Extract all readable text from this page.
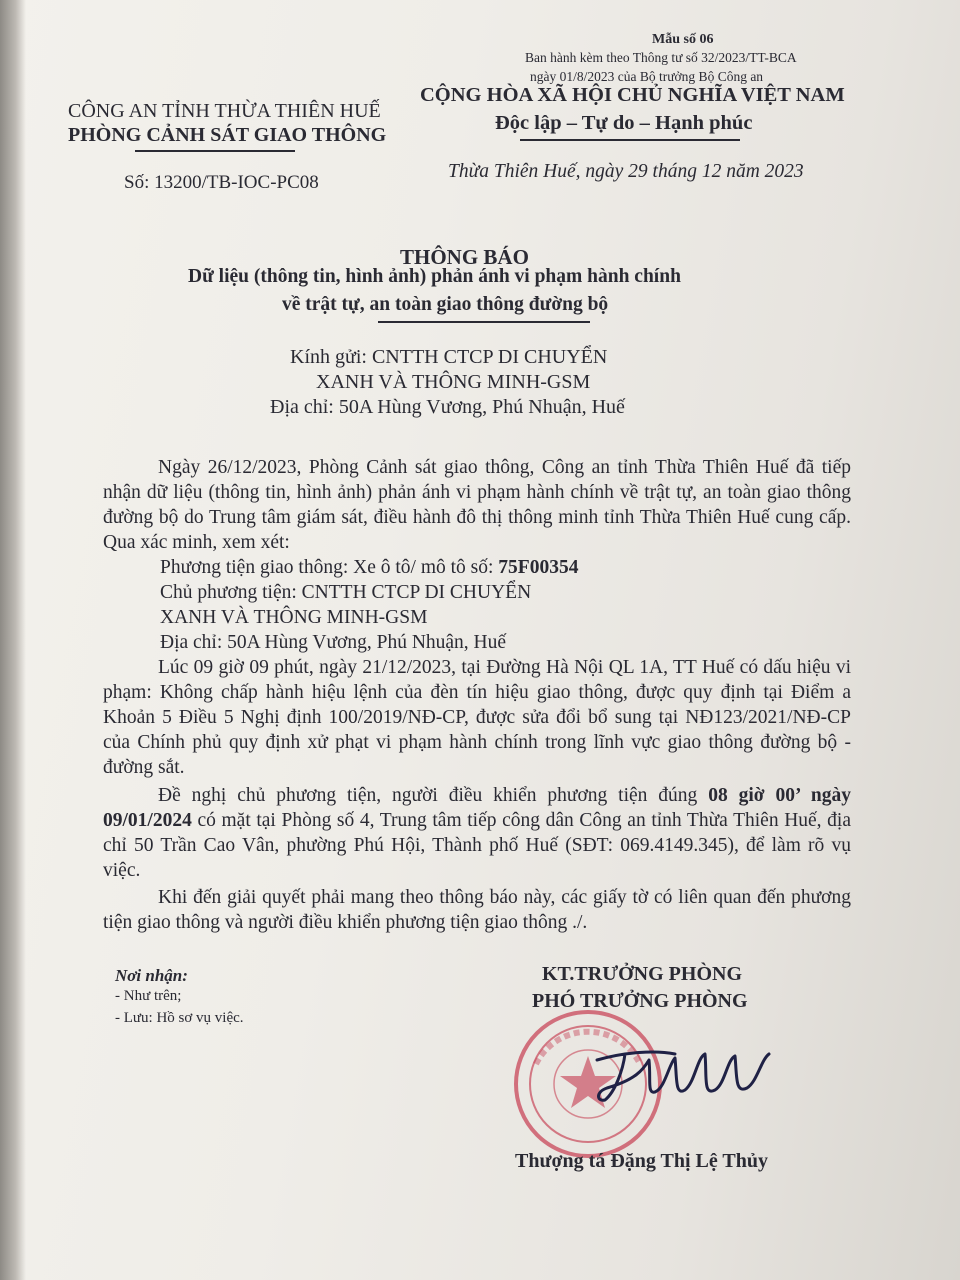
Mẫu số 06
Ban hành kèm theo Thông tư số 32/2023/TT-BCA
ngày 01/8/2023 của Bộ trưởng Bộ Công an
CÔNG AN TỈNH THỪA THIÊN HUẾ
PHÒNG CẢNH SÁT GIAO THÔNG
Số: 13200/TB-IOC-PC08
CỘNG HÒA XÃ HỘI CHỦ NGHĨA VIỆT NAM
Độc lập – Tự do – Hạnh phúc
Thừa Thiên Huế, ngày 29 tháng 12 năm 2023
THÔNG BÁO
Dữ liệu (thông tin, hình ảnh) phản ánh vi phạm hành chính
về trật tự, an toàn giao thông đường bộ
Kính gửi: CNTTH CTCP DI CHUYỂN
XANH VÀ THÔNG MINH-GSM
Địa chỉ: 50A Hùng Vương, Phú Nhuận, Huế
Ngày 26/12/2023, Phòng Cảnh sát giao thông, Công an tỉnh Thừa Thiên Huế đã tiếp nhận dữ liệu (thông tin, hình ảnh) phản ánh vi phạm hành chính về trật tự, an toàn giao thông đường bộ do Trung tâm giám sát, điều hành đô thị thông minh tỉnh Thừa Thiên Huế cung cấp. Qua xác minh, xem xét:
Phương tiện giao thông: Xe ô tô/ mô tô số: 75F00354
Chủ phương tiện: CNTTH CTCP DI CHUYỂN
XANH VÀ THÔNG MINH-GSM
Địa chỉ: 50A Hùng Vương, Phú Nhuận, Huế
Lúc 09 giờ 09 phút, ngày 21/12/2023, tại Đường Hà Nội QL 1A, TT Huế có dấu hiệu vi phạm: Không chấp hành hiệu lệnh của đèn tín hiệu giao thông, được quy định tại Điểm a Khoản 5 Điều 5 Nghị định 100/2019/NĐ-CP, được sửa đổi bổ sung tại NĐ123/2021/NĐ-CP của Chính phủ quy định xử phạt vi phạm hành chính trong lĩnh vực giao thông đường bộ - đường sắt.
Đề nghị chủ phương tiện, người điều khiển phương tiện đúng 08 giờ 00’ ngày 09/01/2024 có mặt tại Phòng số 4, Trung tâm tiếp công dân Công an tỉnh Thừa Thiên Huế, địa chỉ 50 Trần Cao Vân, phường Phú Hội, Thành phố Huế (SĐT: 069.4149.345), để làm rõ vụ việc.
Khi đến giải quyết phải mang theo thông báo này, các giấy tờ có liên quan đến phương tiện giao thông và người điều khiển phương tiện giao thông ./.
Nơi nhận:
- Như trên;
- Lưu: Hồ sơ vụ việc.
KT.TRƯỞNG PHÒNG
PHÓ TRƯỞNG PHÒNG
Thượng tá Đặng Thị Lệ Thủy
